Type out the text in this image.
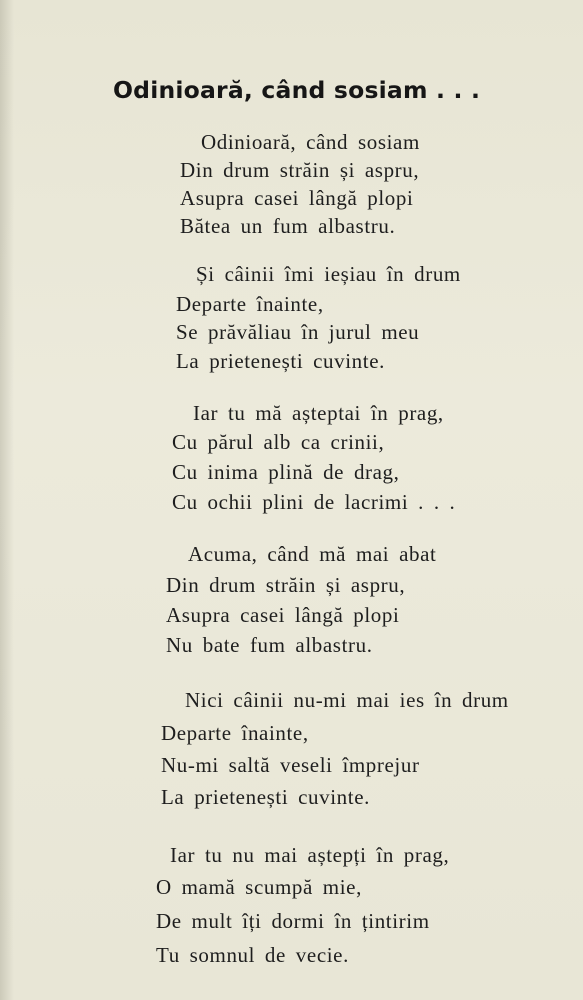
Odinioară, când sosiam . . .
Odinioară, când sosiam
Din drum străin și aspru,
Asupra casei lângă plopi
Bătea un fum albastru.
Și câinii îmi ieșiau în drum
Departe înainte,
Se prăvăliau în jurul meu
La prietenești cuvinte.
Iar tu mă așteptai în prag,
Cu părul alb ca crinii,
Cu inima plină de drag,
Cu ochii plini de lacrimi . . .
Acuma, când mă mai abat
Din drum străin și aspru,
Asupra casei lângă plopi
Nu bate fum albastru.
Nici câinii nu-mi mai ies în drum
Departe înainte,
Nu-mi saltă veseli împrejur
La prietenești cuvinte.
Iar tu nu mai aștepți în prag,
O mamă scumpă mie,
De mult îți dormi în țintirim
Tu somnul de vecie.
